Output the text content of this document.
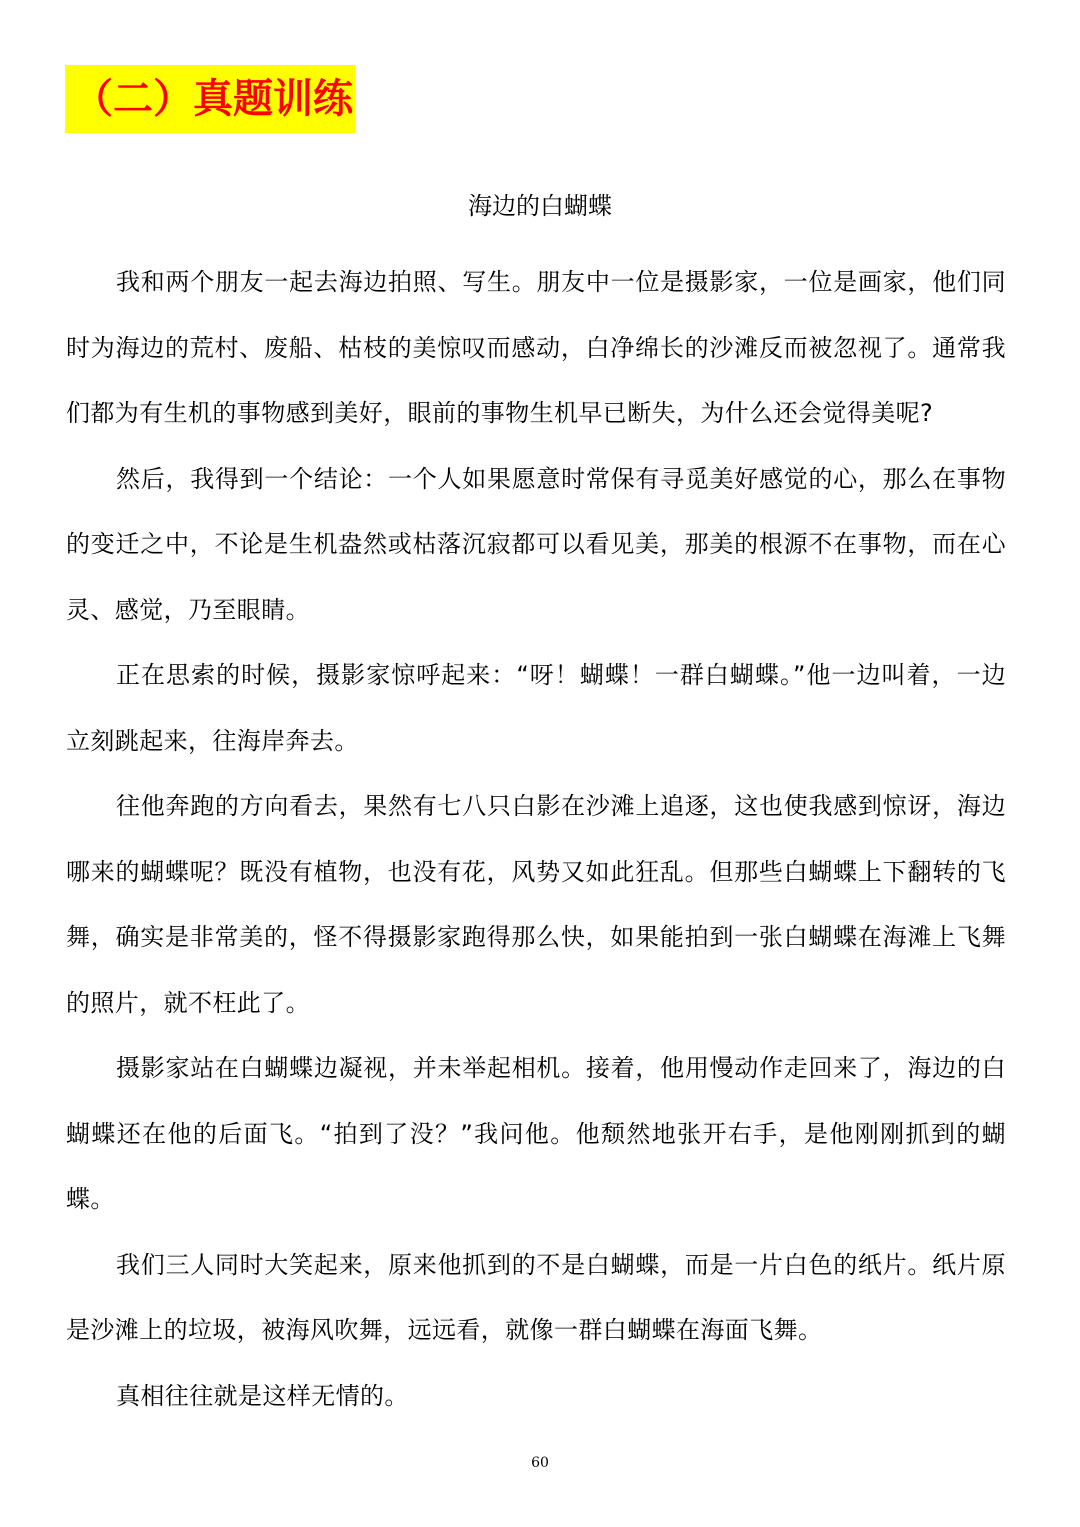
（二）真题训练
海边的白蝴蝶

我和两个朋友一起去海边拍照、写生。朋友中一位是摄影家，一位是画家，他们同时为海边的荒村、废船、枯枝的美惊叹而感动，白净绵长的沙滩反而被忽视了。通常我们都为有生机的事物感到美好，眼前的事物生机早已断失，为什么还会觉得美呢?

然后，我得到一个结论：一个人如果愿意时常保有寻觅美好感觉的心，那么在事物的变迁之中，不论是生机盎然或枯落沉寂都可以看见美，那美的根源不在事物，而在心灵、感觉，乃至眼睛。

正在思索的时候，摄影家惊呼起来：“呀！蝴蝶！一群白蝴蝶。”他一边叫着，一边立刻跳起来，往海岸奔去。

往他奔跑的方向看去，果然有七八只白影在沙滩上追逐，这也使我感到惊讶，海边哪来的蝴蝶呢？既没有植物，也没有花，风势又如此狂乱。但那些白蝴蝶上下翻转的飞舞，确实是非常美的，怪不得摄影家跑得那么快，如果能拍到一张白蝴蝶在海滩上飞舞的照片，就不枉此了。

摄影家站在白蝴蝶边凝视，并未举起相机。接着，他用慢动作走回来了，海边的白蝴蝶还在他的后面飞。“拍到了没？”我问他。他颓然地张开右手，是他刚刚抓到的蝴蝶。

我们三人同时大笑起来，原来他抓到的不是白蝴蝶，而是一片白色的纸片。纸片原是沙滩上的垃圾，被海风吹舞，远远看，就像一群白蝴蝶在海面飞舞。

真相往往就是这样无情的。

60
